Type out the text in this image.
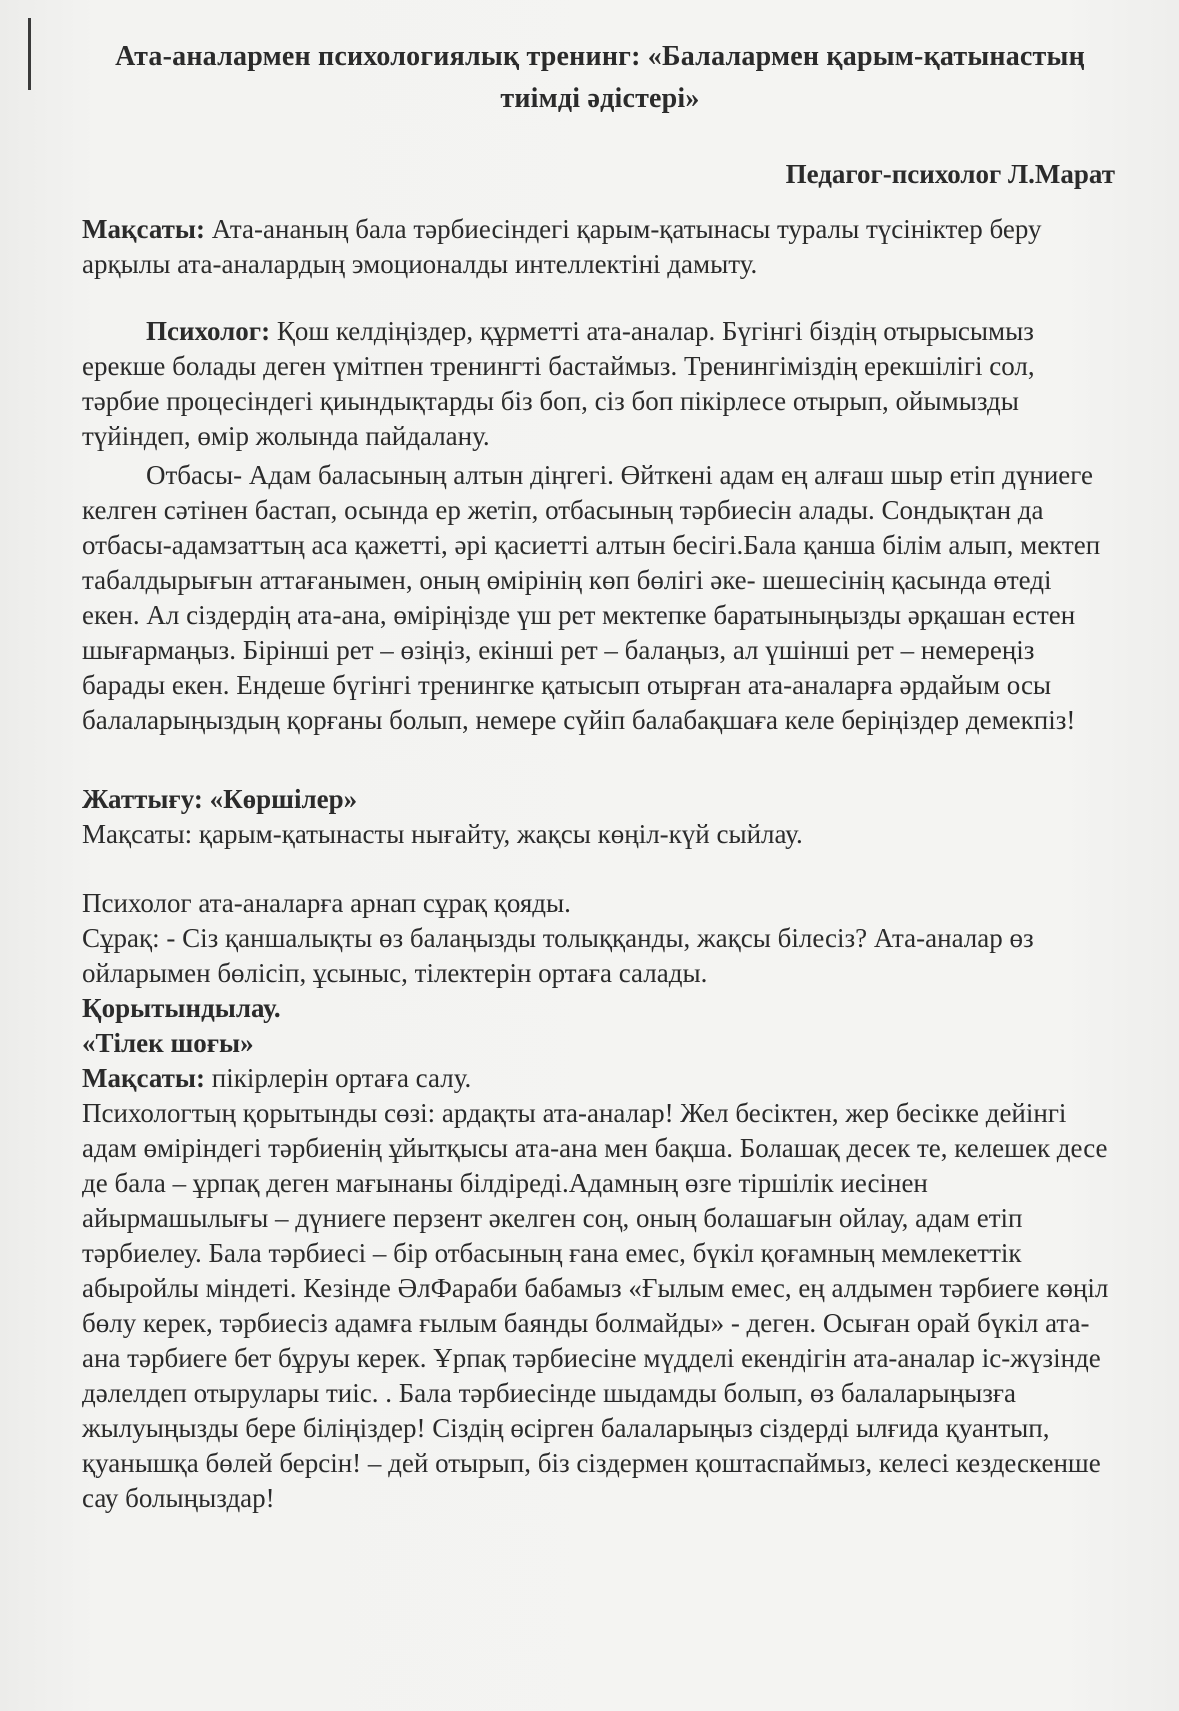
Ата-аналармен психологиялық тренинг: «Балалармен қарым-қатынастың тиімді әдістері»
Педагог-психолог Л.Марат

Мақсаты: Ата-ананың бала тәрбиесіндегі қарым-қатынасы туралы түсініктер беру арқылы ата-аналардың эмоционалды интеллектіні дамыту.

Психолог: Қош келдіңіздер, құрметті ата-аналар. Бүгінгі біздің отырысымыз ерекше болады деген үмітпен тренингті бастаймыз. Тренингіміздің ерекшілігі сол, тәрбие процесіндегі қиындықтарды біз боп, сіз боп пікірлесе отырып, ойымызды түйіндеп, өмір жолында пайдалану.

Отбасы- Адам баласының алтын діңгегі. Өйткені адам ең алғаш шыр етіп дүниеге келген сәтінен бастап, осында ер жетіп, отбасының тәрбиесін алады. Сондықтан да отбасы-адамзаттың аса қажетті, әрі қасиетті алтын бесігі.Бала қанша білім алып, мектеп табалдырығын аттағанымен, оның өмірінің көп бөлігі әке- шешесінің қасында өтеді екен. Ал сіздердің ата-ана, өміріңізде үш рет мектепке баратыныңызды әрқашан естен шығармаңыз. Бірінші рет – өзіңіз, екінші рет – балаңыз, ал үшінші рет – немереңіз барады екен. Ендеше бүгінгі тренингке қатысып отырған ата-аналарға әрдайым осы балаларыңыздың қорғаны болып, немере сүйіп балабақшаға келе беріңіздер демекпіз!

Жаттығу: «Көршілер»

Мақсаты: қарым-қатынасты нығайту, жақсы көңіл-күй сыйлау.

Психолог ата-аналарға арнап сұрақ қояды.

Сұрақ: - Сіз қаншалықты өз балаңызды толыққанды, жақсы білесіз? Ата-аналар өз ойларымен бөлісіп, ұсыныс, тілектерін ортаға салады.

Қорытындылау.

«Тілек шоғы»

Мақсаты: пікірлерін ортаға салу.

Психологтың қорытынды сөзі: ардақты ата-аналар! Жел бесіктен, жер бесікке дейінгі адам өміріндегі тәрбиенің ұйытқысы ата-ана мен бақша. Болашақ десек те, келешек десе де бала – ұрпақ деген мағынаны білдіреді.Адамның өзге тіршілік иесінен айырмашылығы – дүниеге перзент әкелген соң, оның болашағын ойлау, адам етіп тәрбиелеу. Бала тәрбиесі – бір отбасының ғана емес, бүкіл қоғамның мемлекеттік абыройлы міндеті. Кезінде ӘлФараби бабамыз «Ғылым емес, ең алдымен тәрбиеге көңіл бөлу керек, тәрбиесіз адамға ғылым баянды болмайды» - деген. Осыған орай бүкіл ата-ана тәрбиеге бет бұруы керек. Ұрпақ тәрбиесіне мүдделі екендігін ата-аналар іс-жүзінде дәлелдеп отырулары тиіс. . Бала тәрбиесінде шыдамды болып, өз балаларыңызға жылуыңызды бере біліңіздер! Сіздің өсірген балаларыңыз сіздерді ылғида қуантып, қуанышқа бөлей берсін! – дей отырып, біз сіздермен қоштаспаймыз, келесі кездескенше сау болыңыздар!
